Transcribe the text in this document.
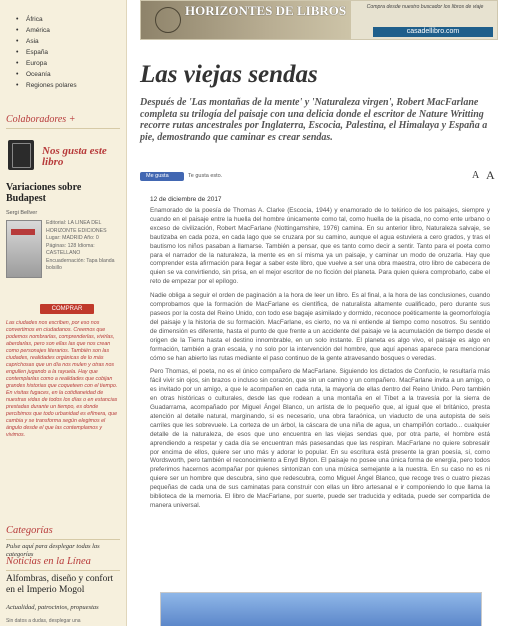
• África
• América
• Asia
• España
• Europa
• Oceanía
• Regiones polares
Colaboradores +
Nos gusta este libro
Variaciones sobre Budapest
Sergi Bellver
Editorial: LA LINEA DEL HORIZONTE EDICIONES Lugar: MADRID Año: 0 Páginas: 128 Idioma: CASTELLANO Encuadernación: Tapa blanda bolsillo
COMPRAR
Las ciudades nos escriben, por eso nos convertimos en ciudadanos. Creemos que podemos nombrarlas, comprenderlas, vivirlas, aberdarlas, pero son ellas las que nos crean como personajes literarios. También son las ciudades, realidades orgánicas de lo más caprichosas que un día nos mulen y otras nos engullen jugando a la rayuela. Hay que contemplarlas como a realidades que cobijan grandes historias que coqueteen con el tiempo. En visitas fugaces, en la cotidianeidad de nuestras vidas de todos los días o en estancias prestadas durante un tiempo, es donde percibimos que todo urbanidad es efímera, que cambia y se transforma según elegimos el ángulo desde el que las contemplamos y vivimos.
Categorías
Pulse aquí para desplegar todas las categorías
Noticias en la Línea
Alfombras, diseño y confort en el Imperio Mogol
Actualidad, patrocinios, propuestas
Sin datos a dudas, desplegar una
HORIZONTES DE LIBROS	Compra desde nuestro buscador los libros de viaje
casadellibro.com
Las viejas sendas

Después de 'Las montañas de la mente' y 'Naturaleza virgen', Robert MacFarlane completa su trilogía del paisaje con una delicia donde el escritor de Nature Writting recorre rutas ancestrales por Inglaterra, Escocia, Palestina, el Himalaya y España a pie, demostrando que caminar es crear sendas.

Me gusta	Te gusta esto.	A A
12 de diciembre de 2017

Enamorado de la poesía de Thomas A. Clarke (Escocia, 1944) y enamorado de lo telúrico de los paisajes, siempre y cuando en el paisaje entre la huella del hombre únicamente como tal, como huella de la pisada, no como ente urbano o exceso de civilización, Robert MacFarlane (Nottingamshire, 1976) camina. En su anterior libro, Naturaleza salvaje, se bautizaba en cada poza, en cada lago que se cruzara por su camino, aunque el agua estuviera a cero grados, y tras el bautismo los niños pasaban a llamarse. También a pensar, que es tanto como decir a sentir. Tanto para el poeta como para el narrador de la naturaleza, la mente es en sí misma ya un paisaje, y caminar un modo de oruzarla. Hay que comprender esta afirmación para llegar a saber este libro, que vuelve a ser una obra maestra, otro libro de cabecera de quien se va convirtiendo, sin prisa, en el mejor escritor de no ficción del planeta. Para quien quiera comprobarlo, cabe el reto de empezar por el epílogo.

Nadie obliga a seguir el orden de paginación a la hora de leer un libro. Es al final, a la hora de las conclusiones, cuando comprobamos que la formación de MacFarlane es científica, de naturalista altamente cualificado, pero durante sus paseos por la costa del Reino Unido, con todo ese bagaje asimilado y dormido, reconoce poéticamente la geomorfología del paisaje y la historia de su formación. MacFarlane, es cierto, no va ni entiende al tiempo como nosotros. Su sentido de dimensión es diferente, hasta el punto de que frente a un accidente del paisaje ve la acumulación de tiempo desde el origen de la Tierra hasta el destino innombrable, en un solo instante. El planeta es algo vivo, el paisaje es algo en formación, también a gran escala, y no solo por la intervención del hombre, que aquí apenas aparece para mencionar cómo se han abierto las rutas mediante el paso continuo de la gente atravesando bosques o veredas.

Pero Thomas, el poeta, no es el único compañero de MacFarlane. Siguiendo los dictados de Confucio, le resultaría más fácil vivir sin ojos, sin brazos o incluso sin corazón, que sin un camino y un compañero. MacFarlane invita a un amigo, o es invitado por un amigo, a que le acompañen en cada ruta, la mayoría de ellas dentro del Reino Unido. Pero también en otras históricas o culturales, desde las que rodean a una montaña en el Tíbet a la travesía por la sierra de Guadarrama, acompañado por Miguel Ángel Blanco, un artista de lo pequeño que, al igual que el británico, presta atención al detalle natural, marginando, si es necesario, una obra faraónica, un viaducto de una autopista de seis carriles que les sobrevuele. La corteza de un árbol, la cáscara de una niña de agua, un champiñón cortado... cualquier detalle de la naturaleza, de esos que uno encuentra en las viejas sendas que, por otra parte, el hombre está aprendiendo a respetar y cada día se encuentran más pasesandas que las respiran. MacFarlane no quiere sobresalir por encima de ellos, quiere ser uno más y adorar lo popular. En su escritura está presente la gran poesía, sí, como Wordsworth, pero también el reconocimiento a Enyd Blyton. El paisaje no posee una única forma de energía, pero todos preferimos hacernos acompañar por quienes sintonizan con una música semejante a la nuestra. En su caso no es ni quiere ser un hombre que descubra, sino que redescubra, como Miguel Ángel Blanco, que recoge tres o cuatro piezas pequeñas de cada una de sus caminatas para construir con ellas un libro artesanal e ir componiendo lo que llama la biblioteca de la memoria. El libro de MacFarlane, por suerte, puede ser traducida y editada, puede ser compartida de manera universal.
